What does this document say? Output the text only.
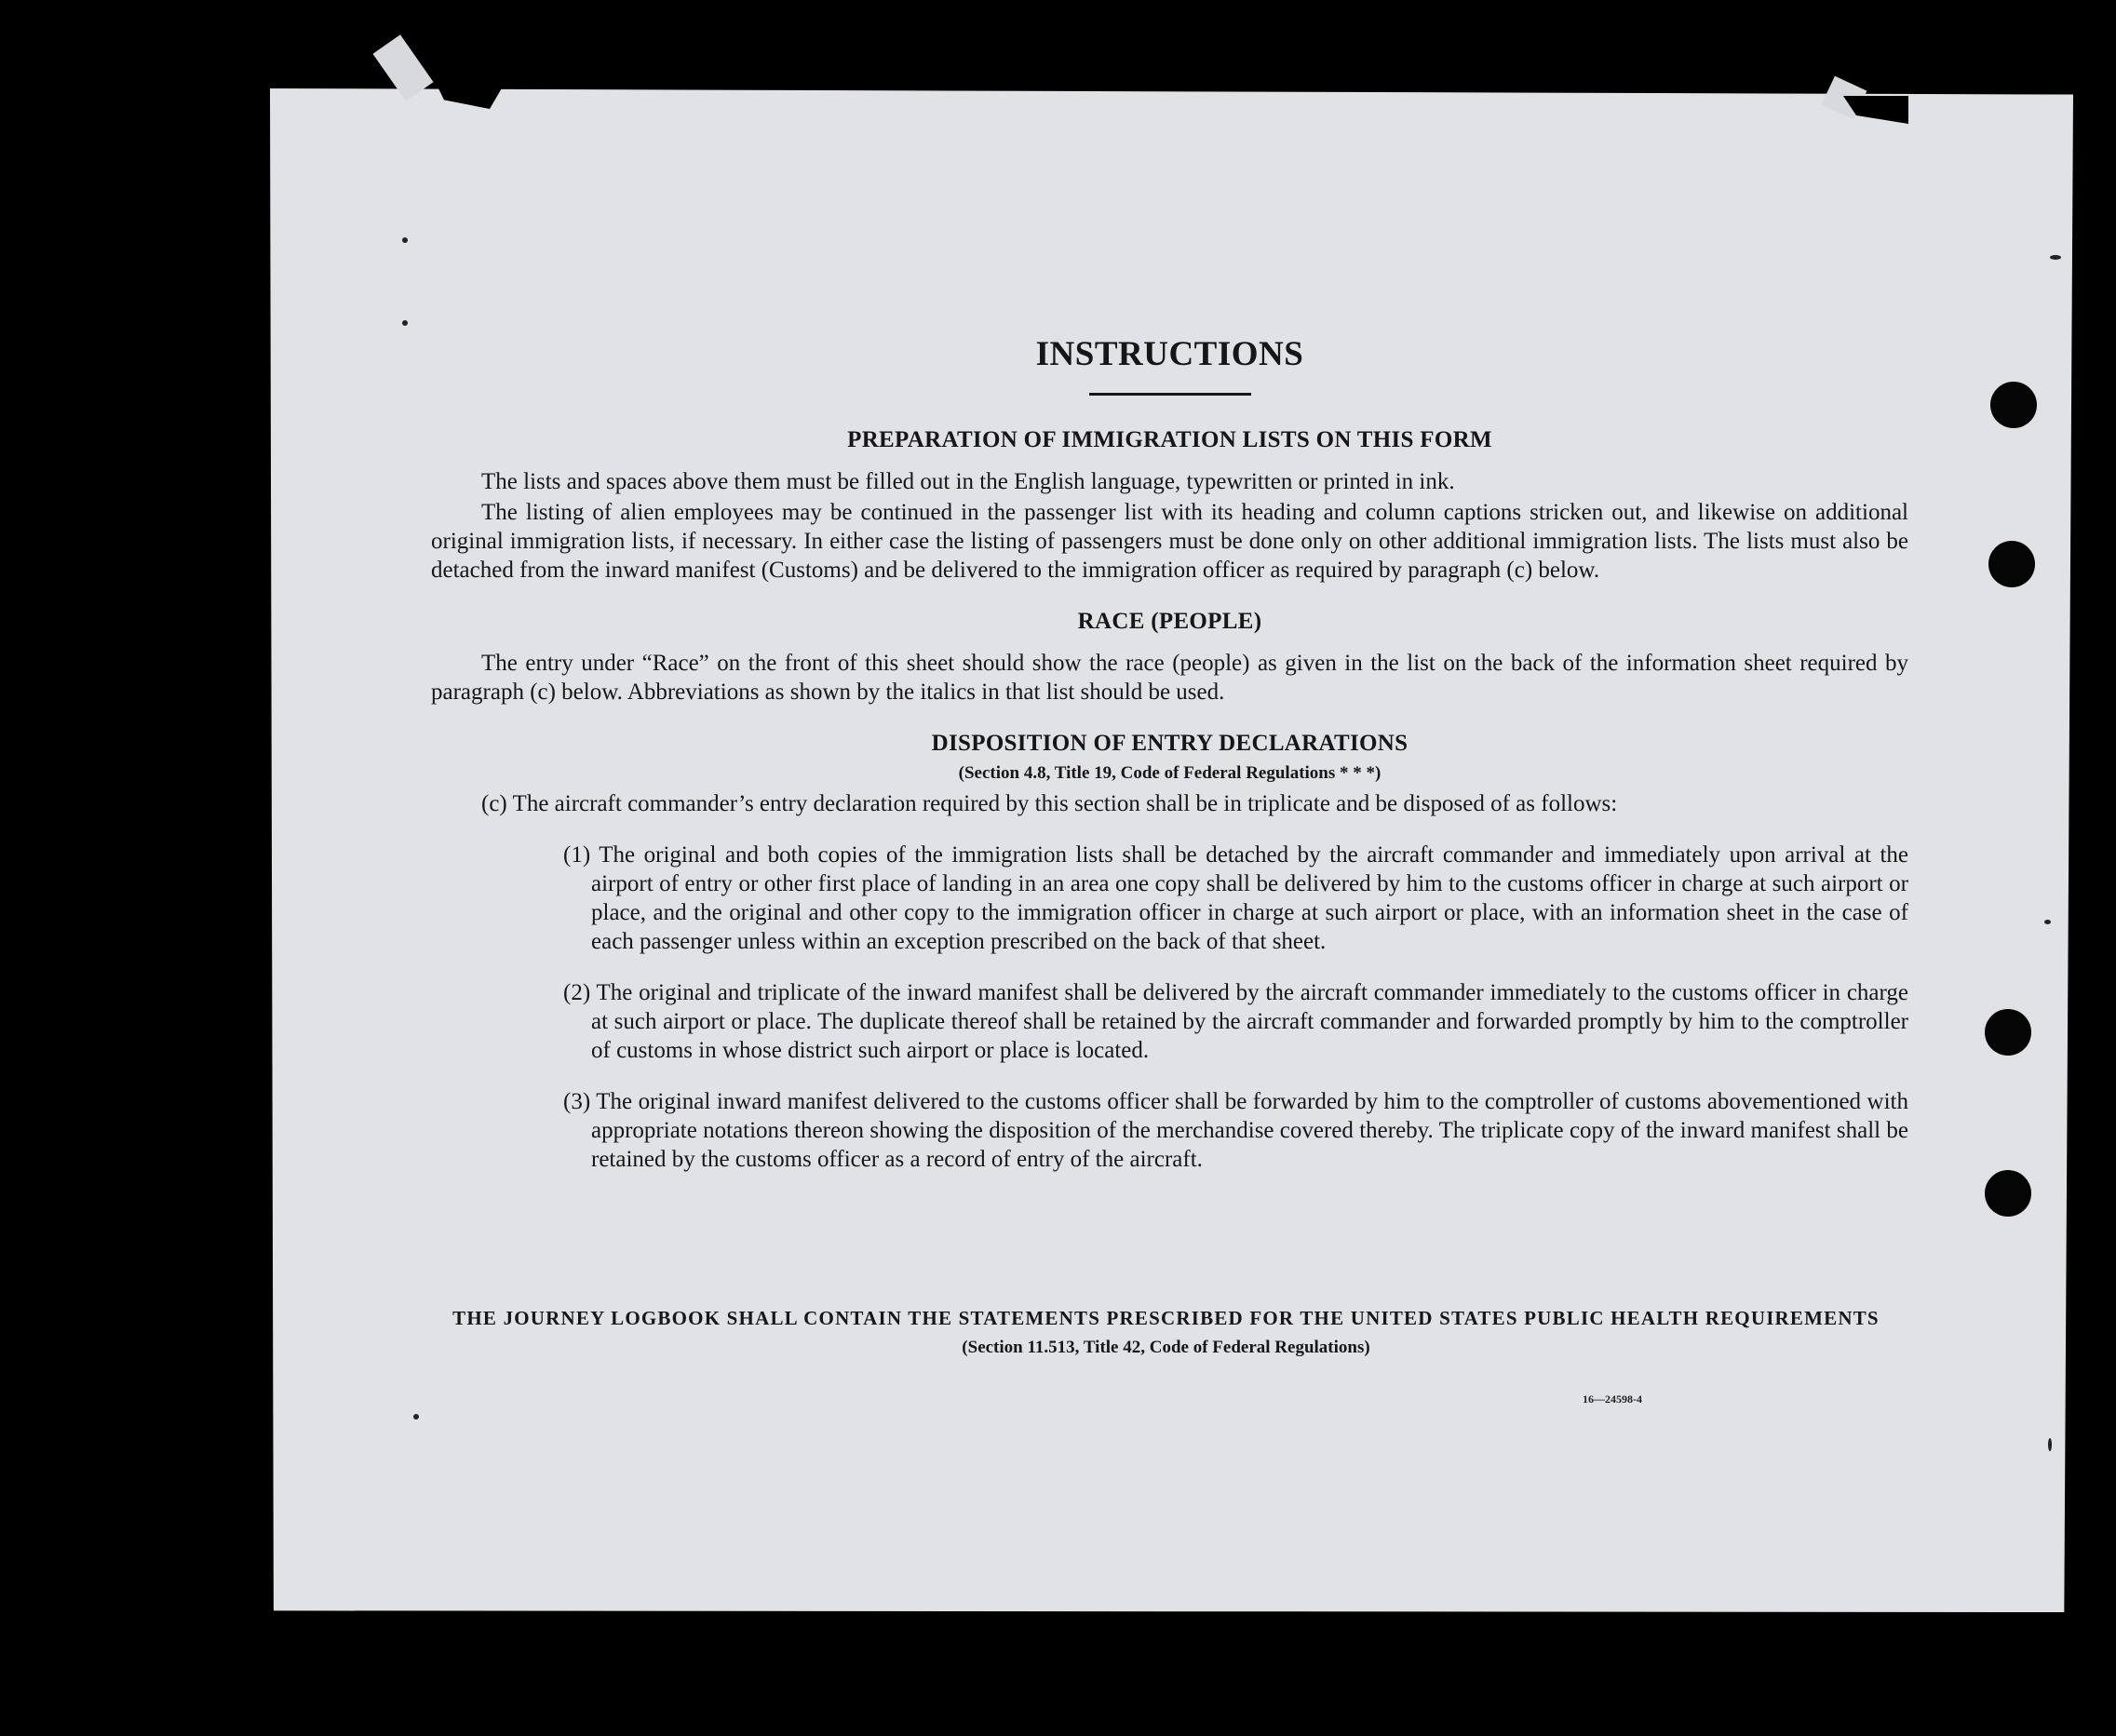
INSTRUCTIONS
PREPARATION OF IMMIGRATION LISTS ON THIS FORM

The lists and spaces above them must be filled out in the English language, typewritten or printed in ink.

The listing of alien employees may be continued in the passenger list with its heading and column captions stricken out, and likewise on additional original immigration lists, if necessary. In either case the listing of passengers must be done only on other additional immigration lists. The lists must also be detached from the inward manifest (Customs) and be delivered to the immigration officer as required by paragraph (c) below.

RACE (PEOPLE)

The entry under “Race” on the front of this sheet should show the race (people) as given in the list on the back of the information sheet required by paragraph (c) below. Abbreviations as shown by the italics in that list should be used.

DISPOSITION OF ENTRY DECLARATIONS

(Section 4.8, Title 19, Code of Federal Regulations * * *)

(c) The aircraft commander’s entry declaration required by this section shall be in triplicate and be disposed of as follows:

(1) The original and both copies of the immigration lists shall be detached by the aircraft commander and immediately upon arrival at the airport of entry or other first place of landing in an area one copy shall be delivered by him to the customs officer in charge at such airport or place, and the original and other copy to the immigration officer in charge at such airport or place, with an information sheet in the case of each passenger unless within an exception prescribed on the back of that sheet.
(2) The original and triplicate of the inward manifest shall be delivered by the aircraft commander immediately to the customs officer in charge at such airport or place. The duplicate thereof shall be retained by the aircraft commander and forwarded promptly by him to the comptroller of customs in whose district such airport or place is located.
(3) The original inward manifest delivered to the customs officer shall be forwarded by him to the comptroller of customs abovementioned with appropriate notations thereon showing the disposition of the merchandise covered thereby. The triplicate copy of the inward manifest shall be retained by the customs officer as a record of entry of the aircraft.
THE JOURNEY LOGBOOK SHALL CONTAIN THE STATEMENTS PRESCRIBED FOR THE UNITED STATES PUBLIC HEALTH REQUIREMENTS
(Section 11.513, Title 42, Code of Federal Regulations)
16—24598-4
